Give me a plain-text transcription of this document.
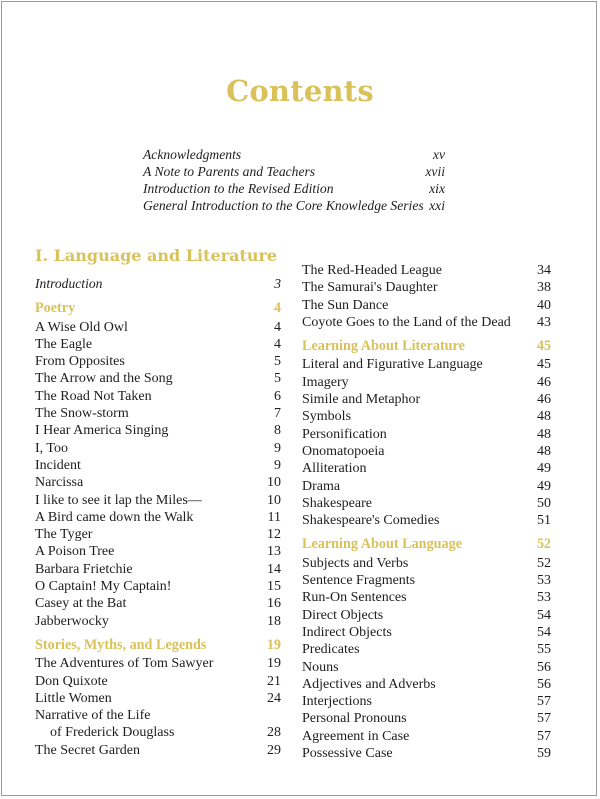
Contents
Acknowledgments	xv
A Note to Parents and Teachers	xvii
Introduction to the Revised Edition	xix
General Introduction to the Core Knowledge Series xxi
I. Language and Literature
Introduction	3
Poetry	4
A Wise Old Owl	4
The Eagle	4
From Opposites	5
The Arrow and the Song	5
The Road Not Taken	6
The Snow-storm	7
I Hear America Singing	8
I, Too	9
Incident	9
Narcissa	10
I like to see it lap the Miles—	10
A Bird came down the Walk	11
The Tyger	12
A Poison Tree	13
Barbara Frietchie	14
O Captain! My Captain!	15
Casey at the Bat	16
Jabberwocky	18
Stories, Myths, and Legends	19
The Adventures of Tom Sawyer	19
Don Quixote	21
Little Women	24
Narrative of the Life
of Frederick Douglass	28
The Secret Garden	29
The Red-Headed League	34
The Samurai's Daughter	38
The Sun Dance	40
Coyote Goes to the Land of the Dead 43
Learning About Literature	45
Literal and Figurative Language	45
Imagery	46
Simile and Metaphor	46
Symbols	48
Personification	48
Onomatopoeia	48
Alliteration	49
Drama	49
Shakespeare	50
Shakespeare's Comedies	51
Learning About Language	52
Subjects and Verbs	52
Sentence Fragments	53
Run-On Sentences	53
Direct Objects	54
Indirect Objects	54
Predicates	55
Nouns	56
Adjectives and Adverbs	56
Interjections	57
Personal Pronouns	57
Agreement in Case	57
Possessive Case	59
